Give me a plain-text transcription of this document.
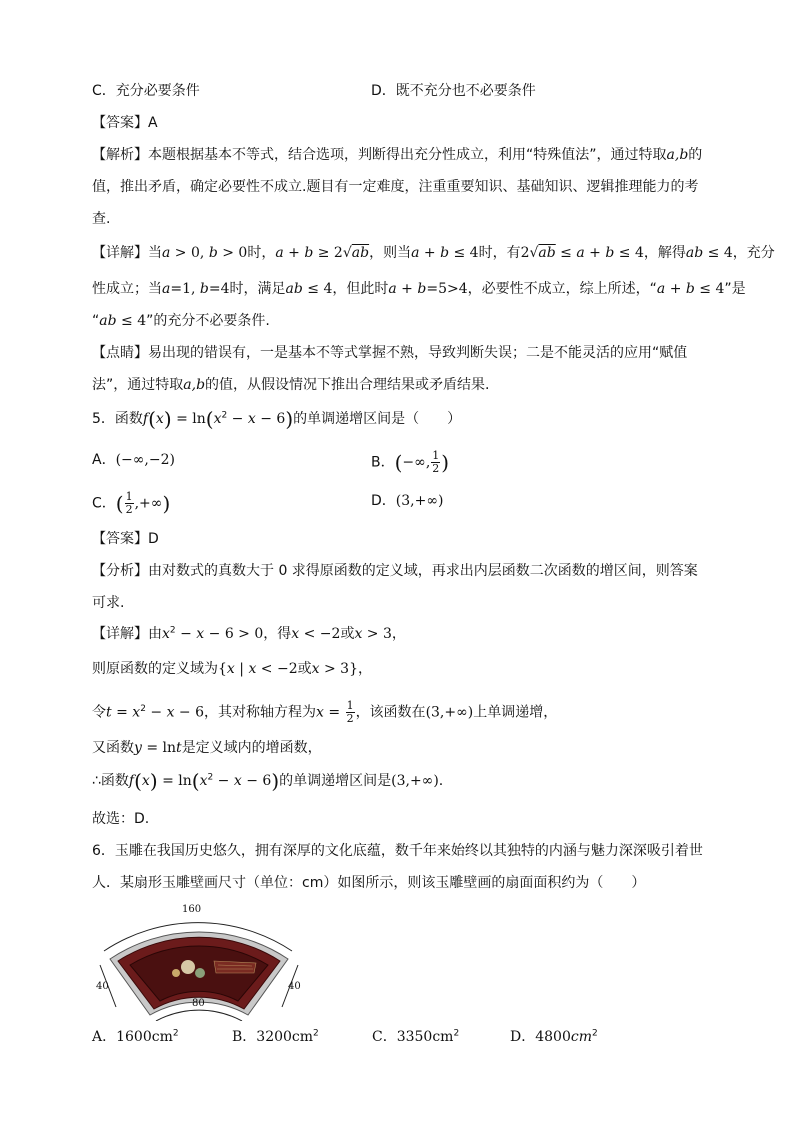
C．充分必要条件	D．既不充分也不必要条件
【答案】A
【解析】本题根据基本不等式，结合选项，判断得出充分性成立，利用“特殊值法”，通过特取a,b的
值，推出矛盾，确定必要性不成立.题目有一定难度，注重重要知识、基础知识、逻辑推理能力的考
查.
【详解】当a > 0, b > 0时，a + b ≥ 2√ab，则当a + b ≤ 4时，有2√ab ≤ a + b ≤ 4，解得ab ≤ 4，充分
性成立；当a=1, b=4时，满足ab ≤ 4，但此时a + b=5>4，必要性不成立，综上所述，“a + b ≤ 4”是
“ab ≤ 4”的充分不必要条件.
【点睛】易出现的错误有，一是基本不等式掌握不熟，导致判断失误；二是不能灵活的应用“赋值
法”，通过特取a,b的值，从假设情况下推出合理结果或矛盾结果.
5．函数$f(x) = \ln(x^2 - x - 6)$的单调递增区间是（　　）
A．(−∞,−2)	B．(−∞, $\frac{1}{2}$ )
C．( $\frac{1}{2}$ ,+∞)	D．(3,+∞)
【答案】D
【分析】由对数式的真数大于 0 求得原函数的定义域，再求出内层函数二次函数的增区间，则答案
可求.
【详解】由$x^2 - x - 6 > 0$，得x < −2或x > 3，
则原函数的定义域为{x | x < −2或x > 3}，
令$t = x^2 - x - 6$，其对称轴方程为$x = \frac{1}{2}$ ，该函数在(3,+∞)上单调递增，
又函数y = lnt是定义域内的增函数，
∴函数$f(x) = \ln(x^2 - x - 6)$的单调递增区间是(3,+∞).
故选：D.
6．玉雕在我国历史悠久，拥有深厚的文化底蕴，数千年来始终以其独特的内涵与魅力深深吸引着世
人．某扇形玉雕壁画尺寸（单位：cm）如图所示，则该玉雕壁画的扇面面积约为（　　）
160
40	40
80
A．$1600cm^2$	B．$3200cm^2$	C．$3350cm^2$	D．$4800cm^2$
